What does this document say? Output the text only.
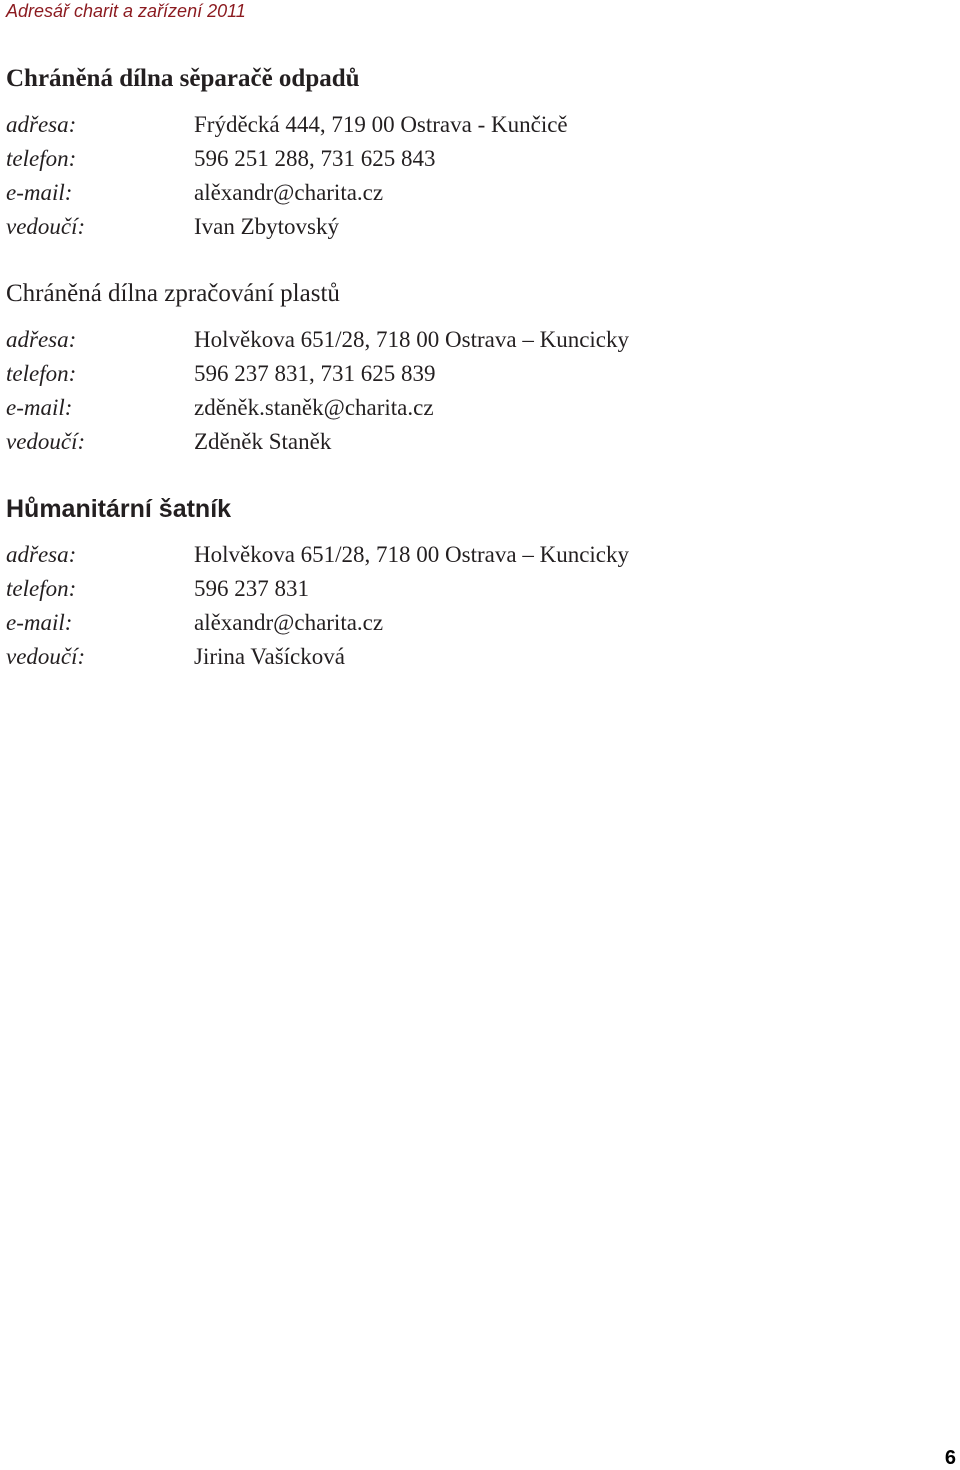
Adresář charit a zařízení 2011
Chráněná dílna sěparačě odpadů
adřesa:	Frýděcká 444, 719 00 Ostrava - Kunčicě
telefon:	596 251 288, 731 625 843
e-mail:	alěxandr@charita.cz
vedoučí:	Ivan Zbytovský
Chráněná dílna zpračování plastů
adřesa:	Holvěkova 651/28, 718 00 Ostrava – Kuncicky
telefon:	596 237 831, 731 625 839
e-mail:	zděněk.staněk@charita.cz
vedoučí:	Zděněk Staněk
Hůmanitární šatník
adřesa:	Holvěkova 651/28, 718 00 Ostrava – Kuncicky
telefon:	596 237 831
e-mail:	alěxandr@charita.cz
vedoučí:	Jirina Vašícková
6
